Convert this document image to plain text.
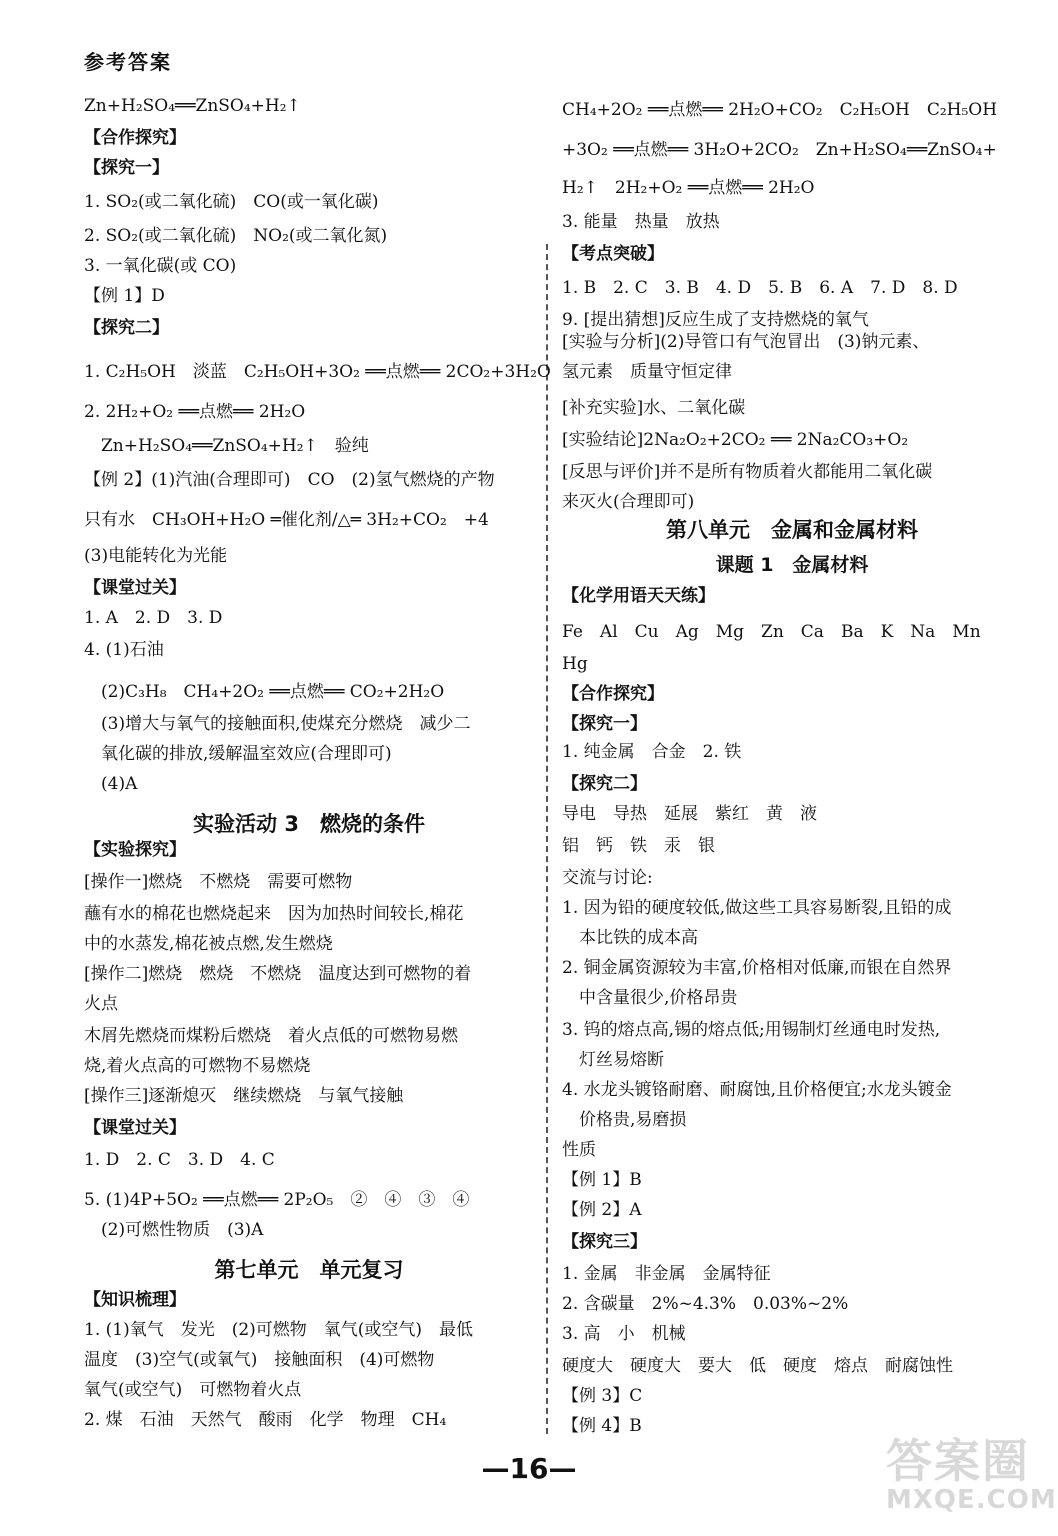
参考答案
Zn+H₂SO₄══ZnSO₄+H₂↑
【合作探究】
【探究一】
1. SO₂(或二氧化硫)　CO(或一氧化碳)
2. SO₂(或二氧化硫)　NO₂(或二氧化氮)
3. 一氧化碳(或 CO)
【例 1】D
【探究二】
1. C₂H₅OH　淡蓝　C₂H₅OH+3O₂ ══点燃══ 2CO₂+3H₂O
2. 2H₂+O₂ ══点燃══ 2H₂O
　Zn+H₂SO₄══ZnSO₄+H₂↑　验纯
【例 2】(1)汽油(合理即可)　CO　(2)氢气燃烧的产物
只有水　CH₃OH+H₂O ═催化剂/△═ 3H₂+CO₂　+4
(3)电能转化为光能
【课堂过关】
1. A　2. D　3. D
4. (1)石油
　(2)C₃H₈　CH₄+2O₂ ══点燃══ CO₂+2H₂O
　(3)增大与氧气的接触面积,使煤充分燃烧　减少二
　氧化碳的排放,缓解温室效应(合理即可)
　(4)A
实验活动 3　燃烧的条件
【实验探究】
[操作一]燃烧　不燃烧　需要可燃物
蘸有水的棉花也燃烧起来　因为加热时间较长,棉花
中的水蒸发,棉花被点燃,发生燃烧
[操作二]燃烧　燃烧　不燃烧　温度达到可燃物的着
火点
木屑先燃烧而煤粉后燃烧　着火点低的可燃物易燃
烧,着火点高的可燃物不易燃烧
[操作三]逐渐熄灭　继续燃烧　与氧气接触
【课堂过关】
1. D　2. C　3. D　4. C
5. (1)4P+5O₂ ══点燃══ 2P₂O₅　②　④　③　④
　(2)可燃性物质　(3)A
第七单元　单元复习
【知识梳理】
1. (1)氧气　发光　(2)可燃物　氧气(或空气)　最低
温度　(3)空气(或氧气)　接触面积　(4)可燃物
氧气(或空气)　可燃物着火点
2. 煤　石油　天然气　酸雨　化学　物理　CH₄
CH₄+2O₂ ══点燃══ 2H₂O+CO₂　C₂H₅OH　C₂H₅OH
+3O₂ ══点燃══ 3H₂O+2CO₂　Zn+H₂SO₄══ZnSO₄+
H₂↑　2H₂+O₂ ══点燃══ 2H₂O
3. 能量　热量　放热
【考点突破】
1. B　2. C　3. B　4. D　5. B　6. A　7. D　8. D
9. [提出猜想]反应生成了支持燃烧的氧气
[实验与分析](2)导管口有气泡冒出　(3)钠元素、
氢元素　质量守恒定律
[补充实验]水、二氧化碳
[实验结论]2Na₂O₂+2CO₂ ══ 2Na₂CO₃+O₂
[反思与评价]并不是所有物质着火都能用二氧化碳
来灭火(合理即可)
第八单元　金属和金属材料
课题 1　金属材料
【化学用语天天练】
Fe　Al　Cu　Ag　Mg　Zn　Ca　Ba　K　Na　Mn
Hg
【合作探究】
【探究一】
1. 纯金属　合金　2. 铁
【探究二】
导电　导热　延展　紫红　黄　液
铝　钙　铁　汞　银
交流与讨论:
1. 因为铅的硬度较低,做这些工具容易断裂,且铅的成
　本比铁的成本高
2. 铜金属资源较为丰富,价格相对低廉,而银在自然界
　中含量很少,价格昂贵
3. 钨的熔点高,锡的熔点低;用锡制灯丝通电时发热,
　灯丝易熔断
4. 水龙头镀铬耐磨、耐腐蚀,且价格便宜;水龙头镀金
　价格贵,易磨损
性质
【例 1】B
【例 2】A
【探究三】
1. 金属　非金属　金属特征
2. 含碳量　2%~4.3%　0.03%~2%
3. 高　小　机械
硬度大　硬度大　要大　低　硬度　熔点　耐腐蚀性
【例 3】C
【例 4】B
—16—	答案圈
MXQE.COM
